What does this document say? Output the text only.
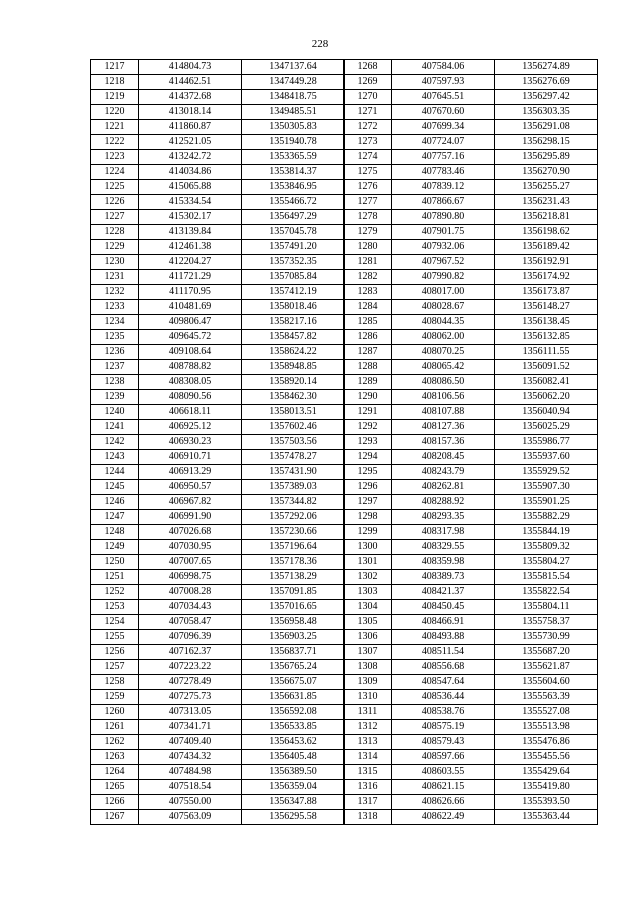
228
1217	414804.73	1347137.64
1218	414462.51	1347449.28
1219	414372.68	1348418.75
1220	413018.14	1349485.51
1221	411860.87	1350305.83
1222	412521.05	1351940.78
1223	413242.72	1353365.59
1224	414034.86	1353814.37
1225	415065.88	1353846.95
1226	415334.54	1355466.72
1227	415302.17	1356497.29
1228	413139.84	1357045.78
1229	412461.38	1357491.20
1230	412204.27	1357352.35
1231	411721.29	1357085.84
1232	411170.95	1357412.19
1233	410481.69	1358018.46
1234	409806.47	1358217.16
1235	409645.72	1358457.82
1236	409108.64	1358624.22
1237	408788.82	1358948.85
1238	408308.05	1358920.14
1239	408090.56	1358462.30
1240	406618.11	1358013.51
1241	406925.12	1357602.46
1242	406930.23	1357503.56
1243	406910.71	1357478.27
1244	406913.29	1357431.90
1245	406950.57	1357389.03
1246	406967.82	1357344.82
1247	406991.90	1357292.06
1248	407026.68	1357230.66
1249	407030.95	1357196.64
1250	407007.65	1357178.36
1251	406998.75	1357138.29
1252	407008.28	1357091.85
1253	407034.43	1357016.65
1254	407058.47	1356958.48
1255	407096.39	1356903.25
1256	407162.37	1356837.71
1257	407223.22	1356765.24
1258	407278.49	1356675.07
1259	407275.73	1356631.85
1260	407313.05	1356592.08
1261	407341.71	1356533.85
1262	407409.40	1356453.62
1263	407434.32	1356405.48
1264	407484.98	1356389.50
1265	407518.54	1356359.04
1266	407550.00	1356347.88
1267	407563.09	1356295.58
1268	407584.06	1356274.89
1269	407597.93	1356276.69
1270	407645.51	1356297.42
1271	407670.60	1356303.35
1272	407699.34	1356291.08
1273	407724.07	1356298.15
1274	407757.16	1356295.89
1275	407783.46	1356270.90
1276	407839.12	1356255.27
1277	407866.67	1356231.43
1278	407890.80	1356218.81
1279	407901.75	1356198.62
1280	407932.06	1356189.42
1281	407967.52	1356192.91
1282	407990.82	1356174.92
1283	408017.00	1356173.87
1284	408028.67	1356148.27
1285	408044.35	1356138.45
1286	408062.00	1356132.85
1287	408070.25	1356111.55
1288	408065.42	1356091.52
1289	408086.50	1356082.41
1290	408106.56	1356062.20
1291	408107.88	1356040.94
1292	408127.36	1356025.29
1293	408157.36	1355986.77
1294	408208.45	1355937.60
1295	408243.79	1355929.52
1296	408262.81	1355907.30
1297	408288.92	1355901.25
1298	408293.35	1355882.29
1299	408317.98	1355844.19
1300	408329.55	1355809.32
1301	408359.98	1355804.27
1302	408389.73	1355815.54
1303	408421.37	1355822.54
1304	408450.45	1355804.11
1305	408466.91	1355758.37
1306	408493.88	1355730.99
1307	408511.54	1355687.20
1308	408556.68	1355621.87
1309	408547.64	1355604.60
1310	408536.44	1355563.39
1311	408538.76	1355527.08
1312	408575.19	1355513.98
1313	408579.43	1355476.86
1314	408597.66	1355455.56
1315	408603.55	1355429.64
1316	408621.15	1355419.80
1317	408626.66	1355393.50
1318	408622.49	1355363.44
